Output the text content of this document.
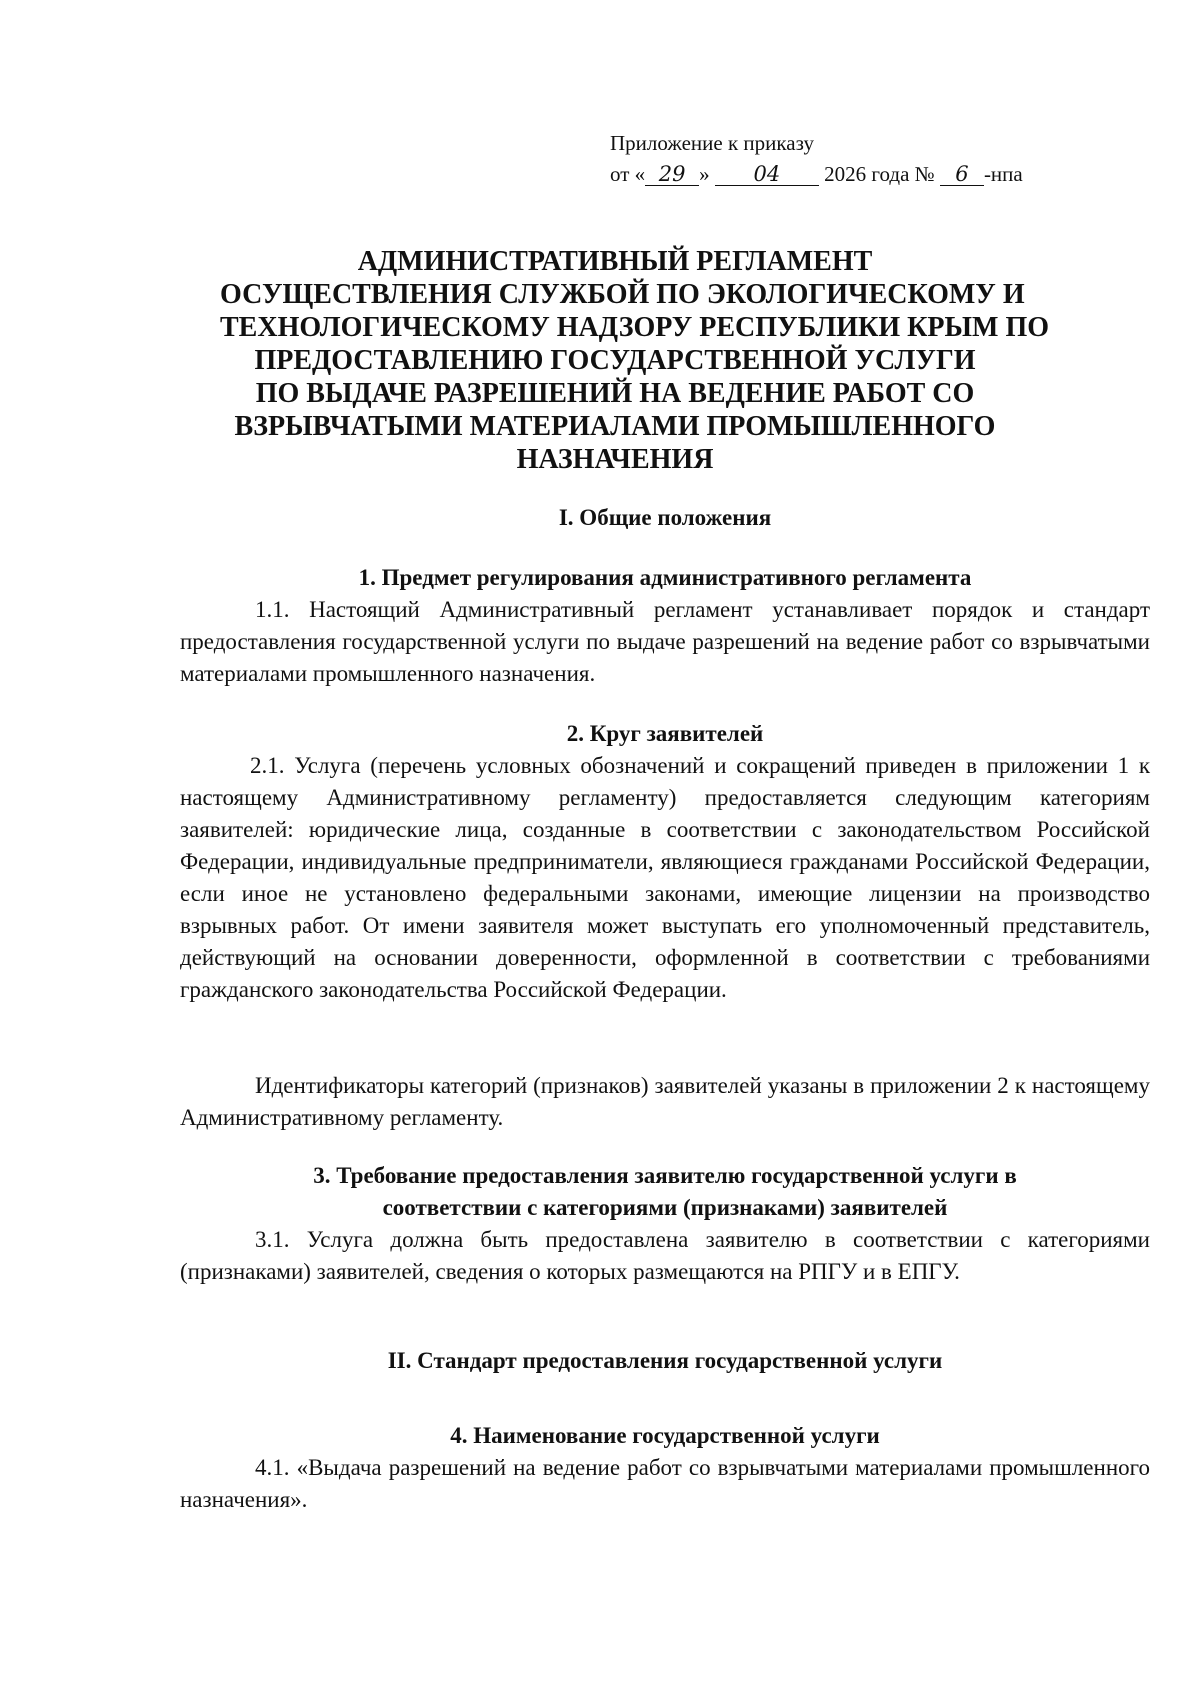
Приложение к приказу
от « 29 » 04 2026 года № 6 -нпа
АДМИНИСТРАТИВНЫЙ РЕГЛАМЕНТ
ОСУЩЕСТВЛЕНИЯ СЛУЖБОЙ ПО ЭКОЛОГИЧЕСКОМУ И
ТЕХНОЛОГИЧЕСКОМУ НАДЗОРУ РЕСПУБЛИКИ КРЫМ ПО
ПРЕДОСТАВЛЕНИЮ ГОСУДАРСТВЕННОЙ УСЛУГИ
ПО ВЫДАЧЕ РАЗРЕШЕНИЙ НА ВЕДЕНИЕ РАБОТ СО
ВЗРЫВЧАТЫМИ МАТЕРИАЛАМИ ПРОМЫШЛЕННОГО
НАЗНАЧЕНИЯ
I. Общие положения
1. Предмет регулирования административного регламента
1.1. Настоящий Административный регламент устанавливает порядок и стандарт предоставления государственной услуги по выдаче разрешений на ведение работ со взрывчатыми материалами промышленного назначения.
2. Круг заявителей
2.1. Услуга (перечень условных обозначений и сокращений приведен в приложении 1 к настоящему Административному регламенту) предоставляется следующим категориям заявителей: юридические лица, созданные в соответствии с законодательством Российской Федерации, индивидуальные предприниматели, являющиеся гражданами Российской Федерации, если иное не установлено федеральными законами, имеющие лицензии на производство взрывных работ. От имени заявителя может выступать его уполномоченный представитель, действующий на основании доверенности, оформленной в соответствии с требованиями гражданского законодательства Российской Федерации.
Идентификаторы категорий (признаков) заявителей указаны в приложении 2 к настоящему Административному регламенту.
3. Требование предоставления заявителю государственной услуги в
соответствии с категориями (признаками) заявителей
3.1. Услуга должна быть предоставлена заявителю в соответствии с категориями (признаками) заявителей, сведения о которых размещаются на РПГУ и в ЕПГУ.
II. Стандарт предоставления государственной услуги
4. Наименование государственной услуги
4.1. «Выдача разрешений на ведение работ со взрывчатыми материалами промышленного назначения».
